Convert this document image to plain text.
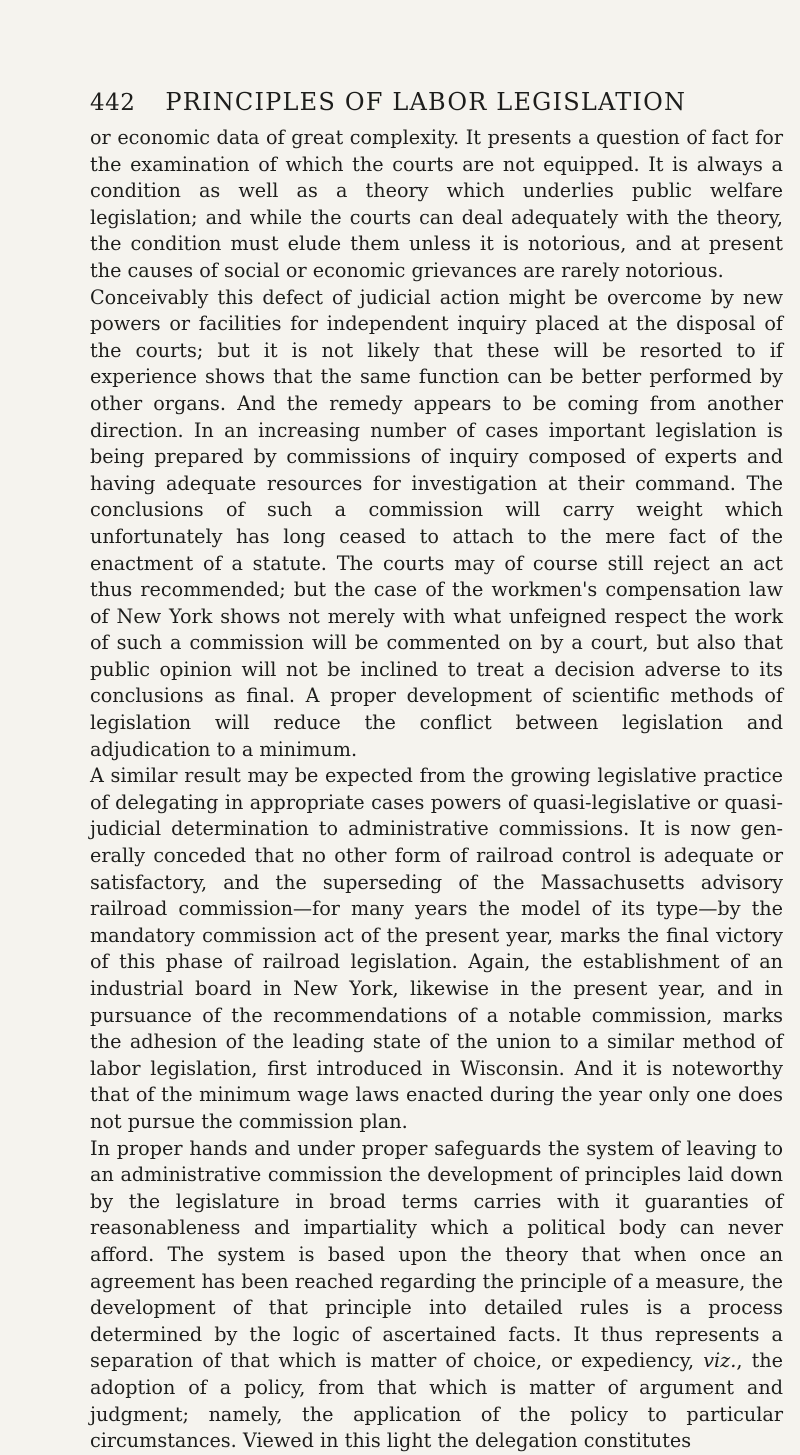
442 PRINCIPLES OF LABOR LEGISLATION

or economic data of great complexity. It presents a question of fact for the examination of which the courts are not equipped. It is always a condition as well as a theory which underlies public welfare legislation; and while the courts can deal adequately with the theory, the condition must elude them unless it is notorious, and at present the causes of social or economic grievances are rarely notorious.

Conceivably this defect of judicial action might be overcome by new powers or facilities for independent inquiry placed at the disposal of the courts; but it is not likely that these will be resorted to if experience shows that the same function can be better performed by other organs. And the remedy appears to be coming from another direction. In an increasing number of cases important legislation is being prepared by commissions of inquiry composed of experts and having adequate resources for investigation at their command. The conclusions of such a commission will carry weight which unfortunately has long ceased to attach to the mere fact of the enactment of a statute. The courts may of course still reject an act thus recommended; but the case of the workmen's compensation law of New York shows not merely with what unfeigned respect the work of such a commission will be commented on by a court, but also that public opinion will not be inclined to treat a decision adverse to its conclusions as final. A proper development of scientific methods of legislation will reduce the conflict between legislation and adjudication to a minimum.

A similar result may be expected from the growing legislative practice of delegating in appropriate cases powers of quasi-legislative or quasi-judicial determination to administrative commissions. It is now generally conceded that no other form of railroad control is adequate or satisfactory, and the superseding of the Massachusetts advisory railroad commission—for many years the model of its type—by the mandatory commission act of the present year, marks the final victory of this phase of railroad legislation. Again, the establishment of an industrial board in New York, likewise in the present year, and in pursuance of the recommendations of a notable commission, marks the adhesion of the leading state of the union to a similar method of labor legislation, first introduced in Wisconsin. And it is noteworthy that of the minimum wage laws enacted during the year only one does not pursue the commission plan.

In proper hands and under proper safeguards the system of leaving to an administrative commission the development of principles laid down by the legislature in broad terms carries with it guaranties of reasonableness and impartiality which a political body can never afford. The system is based upon the theory that when once an agreement has been reached regarding the principle of a measure, the development of that principle into detailed rules is a process determined by the logic of ascertained facts. It thus represents a separation of that which is matter of choice, or expediency, viz., the adoption of a policy, from that which is matter of argument and judgment; namely, the application of the policy to particular circumstances. Viewed in this light the delegation constitutes
